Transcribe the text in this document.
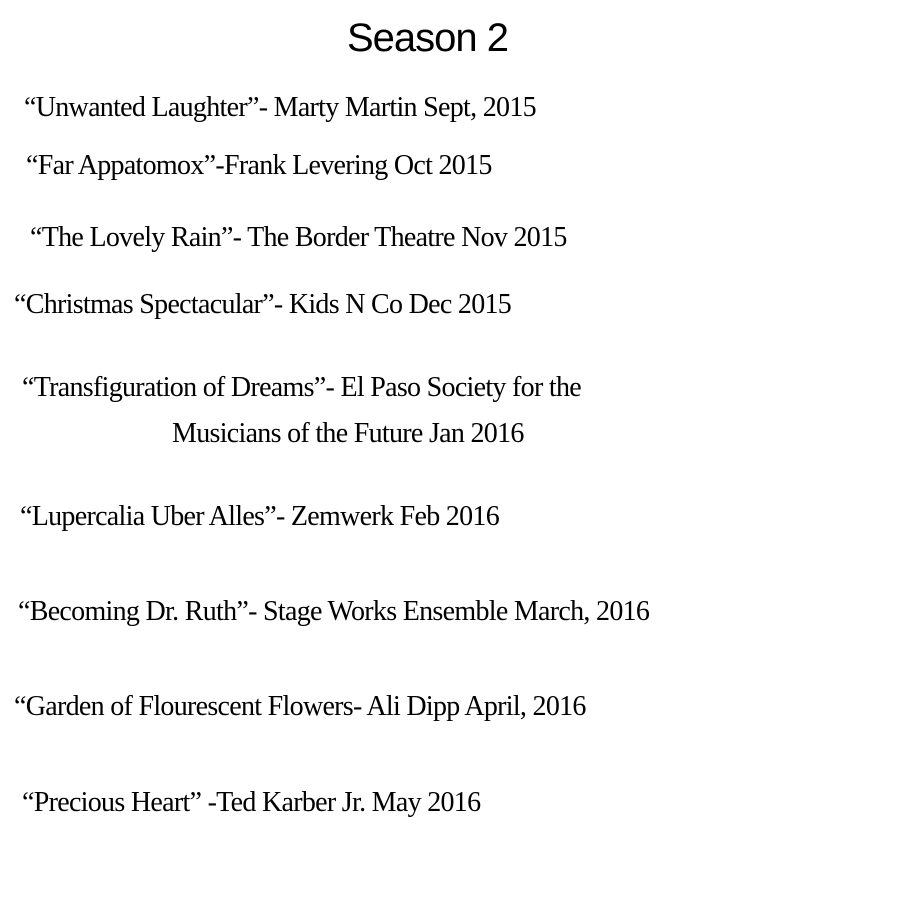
Season 2
“Unwanted Laughter”- Marty Martin Sept, 2015
“Far Appatomox”-Frank Levering Oct 2015
“The Lovely Rain”- The Border Theatre Nov 2015
“Christmas Spectacular”- Kids N Co Dec 2015
“Transfiguration of Dreams”- El Paso Society for the
Musicians of the Future Jan 2016
“Lupercalia Uber Alles”- Zemwerk Feb 2016
“Becoming Dr. Ruth”- Stage Works Ensemble March, 2016
“Garden of Flourescent Flowers- Ali Dipp April, 2016
“Precious Heart” -Ted Karber Jr. May 2016
